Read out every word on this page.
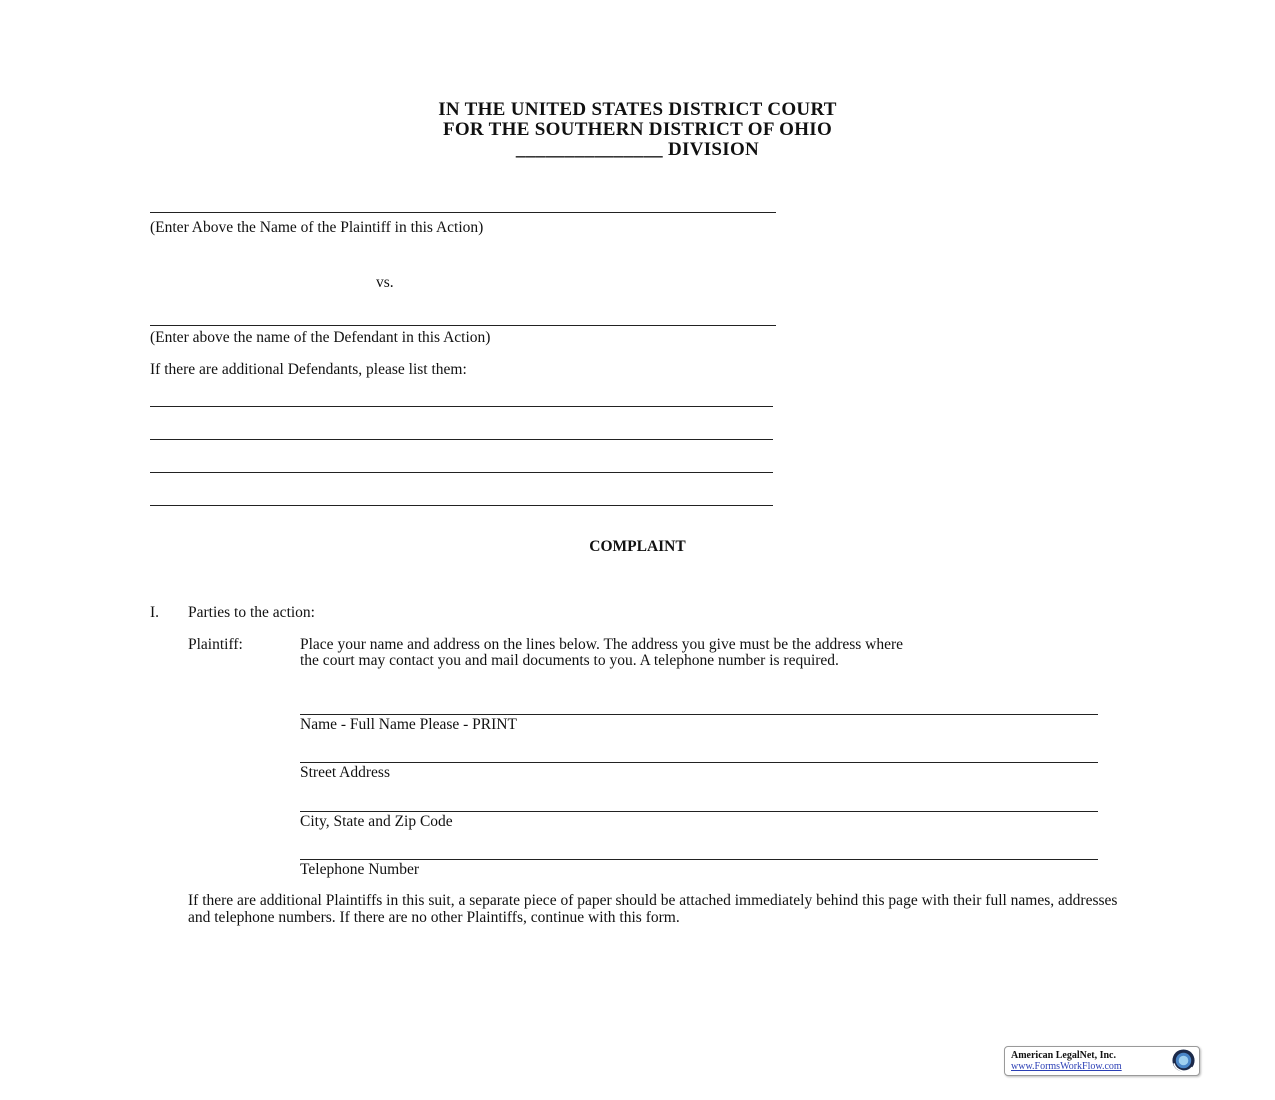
IN THE UNITED STATES DISTRICT COURT
FOR THE SOUTHERN DISTRICT OF OHIO
_______________ DIVISION
(Enter Above the Name of the Plaintiff in this Action)
vs.
(Enter above the name of the Defendant in this Action)
If there are additional Defendants, please list them:
COMPLAINT
I. Parties to the action:
Plaintiff:	Place your name and address on the lines below. The address you give must be the address where
the court may contact you and mail documents to you. A telephone number is required.
Name - Full Name Please - PRINT
Street Address
City, State and Zip Code
Telephone Number
If there are additional Plaintiffs in this suit, a separate piece of paper should be attached immediately behind this page with their full names, addresses and telephone numbers. If there are no other Plaintiffs, continue with this form.
American LegalNet, Inc.
www.FormsWorkFlow.com
